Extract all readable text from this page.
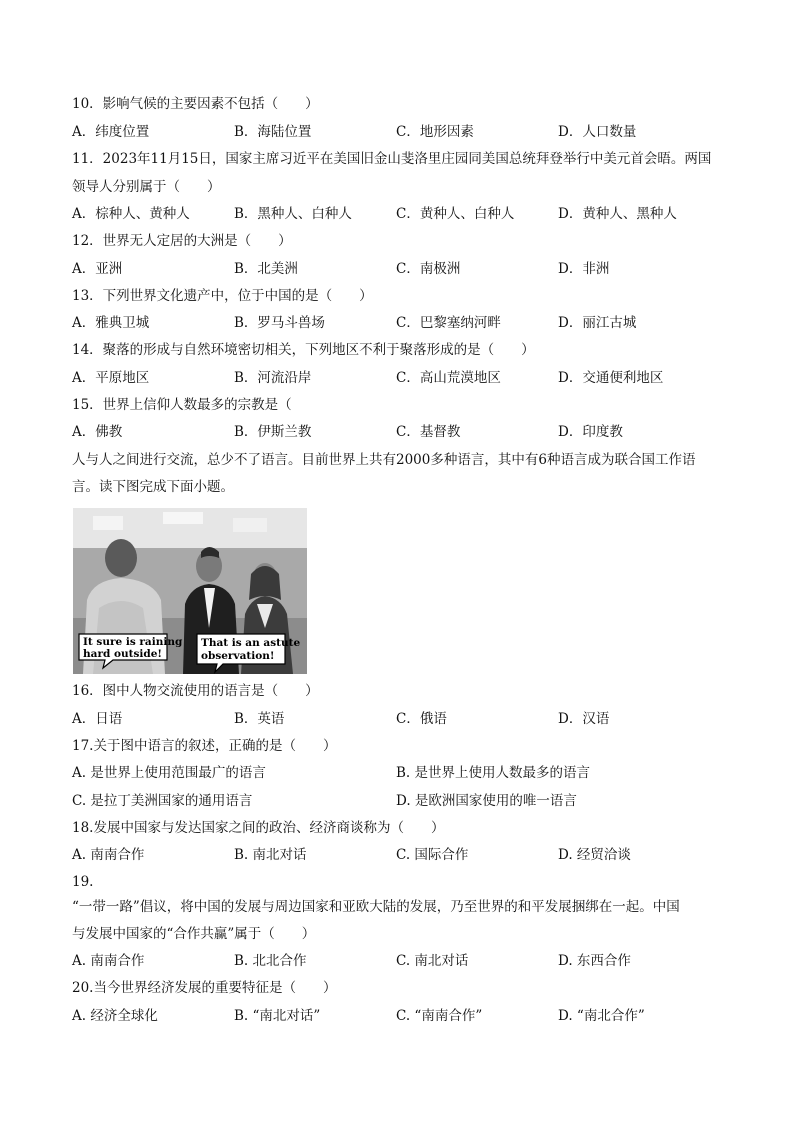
10．影响气候的主要因素不包括（　　）
A．纬度位置	B．海陆位置	C．地形因素	D．人口数量
11．2023年11月15日，国家主席习近平在美国旧金山斐洛里庄园同美国总统拜登举行中美元首会晤。两国
领导人分别属于（　　）
A．棕种人、黄种人	B．黑种人、白种人	C．黄种人、白种人	D．黄种人、黑种人
12．世界无人定居的大洲是（　　）
A．亚洲	B．北美洲	C．南极洲	D．非洲
13．下列世界文化遗产中，位于中国的是（　　）
A．雅典卫城	B．罗马斗兽场	C．巴黎塞纳河畔	D．丽江古城
14．聚落的形成与自然环境密切相关，下列地区不利于聚落形成的是（　　）
A．平原地区	B．河流沿岸	C．高山荒漠地区	D．交通便利地区
15．世界上信仰人数最多的宗教是（
A．佛教	B．伊斯兰教	C．基督教	D．印度教
人与人之间进行交流，总少不了语言。目前世界上共有2000多种语言，其中有6种语言成为联合国工作语
言。读下图完成下面小题。
It sure is raining
hard outside!
That is an astute
observation!
16．图中人物交流使用的语言是（　　）
A．日语	B．英语	C．俄语	D．汉语
17.关于图中语言的叙述，正确的是（　　）
A. 是世界上使用范围最广的语言	B. 是世界上使用人数最多的语言
C. 是拉丁美洲国家的通用语言	D. 是欧洲国家使用的唯一语言
18.发展中国家与发达国家之间的政治、经济商谈称为（　　）
A. 南南合作	B. 南北对话	C. 国际合作	D. 经贸洽谈
19.
“一带一路”倡议，将中国的发展与周边国家和亚欧大陆的发展，乃至世界的和平发展捆绑在一起。中国
与发展中国家的“合作共赢”属于（　　）
A. 南南合作	B. 北北合作	C. 南北对话	D. 东西合作
20.当今世界经济发展的重要特征是（　　）
A. 经济全球化	B. “南北对话”	C. “南南合作”	D. “南北合作”
